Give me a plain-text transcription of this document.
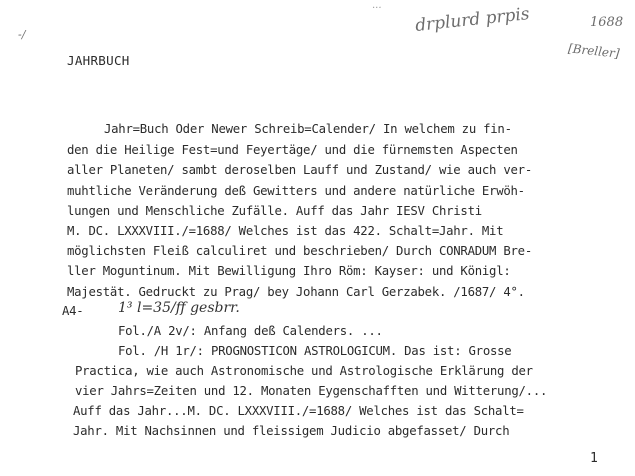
-/
... drplurd prpis	1688
[Breller]
JAHRBUCH
Jahr=Buch Oder Newer Schreib=Calender/ In welchem zu fin-
den die Heilige Fest=und Feyertäge/ und die fürnemsten Aspecten
aller Planeten/ sambt deroselben Lauff und Zustand/ wie auch ver-
muhtliche Veränderung deß Gewitters und andere natürliche Erwöh-
lungen und Menschliche Zufälle. Auff das Jahr IESV Christi
M. DC. LXXXVIII./=1688/ Welches ist das 422. Schalt=Jahr. Mit
möglichsten Fleiß calculiret und beschrieben/ Durch CONRADUM Bre-
ller Moguntinum. Mit Bewilligung Ihro Röm: Kayser: und Königl:
Majestät. Gedruckt zu Prag/ bey Johann Carl Gerzabek. /1687/ 4°.
A4- 1³ l=35/ff gesbrr.
Fol./A 2v/: Anfang deß Calenders. ...
Fol. /H 1r/: PROGNOSTICON ASTROLOGICUM. Das ist: Grosse
Practica, wie auch Astronomische und Astrologische Erklärung der
vier Jahrs=Zeiten und 12. Monaten Eygenschafften und Witterung/...
Auff das Jahr...M. DC. LXXXVIII./=1688/ Welches ist das Schalt=
Jahr. Mit Nachsinnen und fleissigem Judicio abgefasset/ Durch
1
